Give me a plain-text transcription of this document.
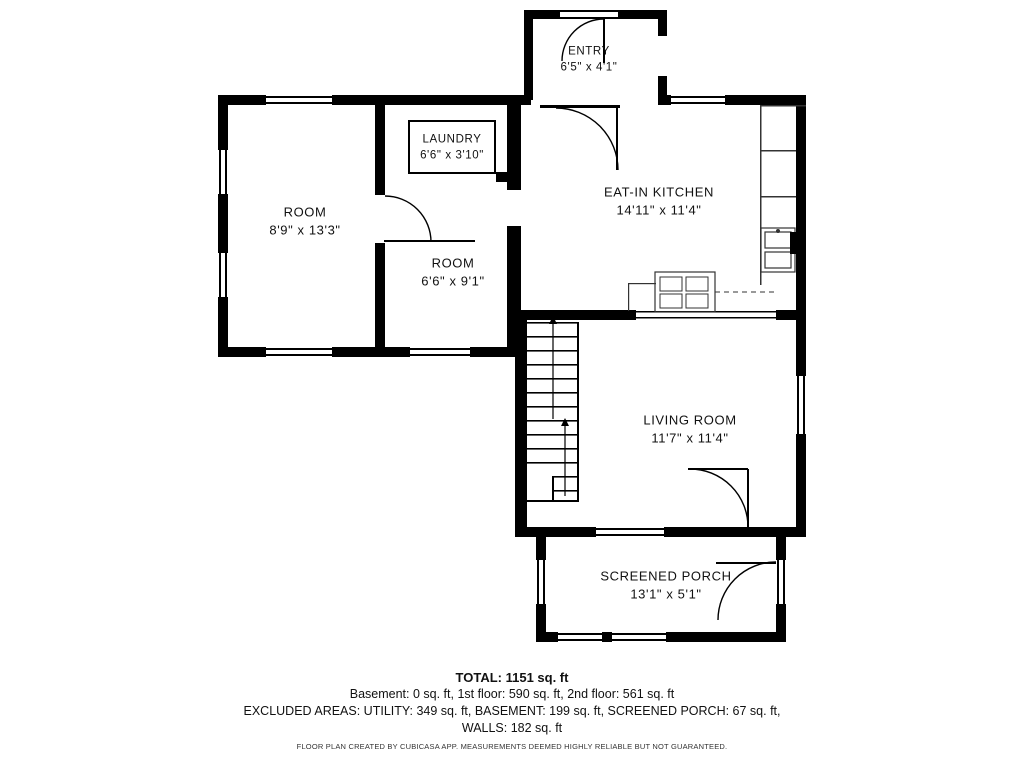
ENTRY
6'5" x 4'1"
LAUNDRY
6'6" x 3'10"
ROOM
8'9" x 13'3"
ROOM
6'6" x 9'1"
EAT-IN KITCHEN
14'11" x 11'4"
LIVING ROOM
11'7" x 11'4"
SCREENED PORCH
13'1" x 5'1"
TOTAL: 1151 sq. ft
Basement: 0 sq. ft, 1st floor: 590 sq. ft, 2nd floor: 561 sq. ft
EXCLUDED AREAS: UTILITY: 349 sq. ft, BASEMENT: 199 sq. ft, SCREENED PORCH: 67 sq. ft,
WALLS: 182 sq. ft
FLOOR PLAN CREATED BY CUBICASA APP. MEASUREMENTS DEEMED HIGHLY RELIABLE BUT NOT GUARANTEED.
